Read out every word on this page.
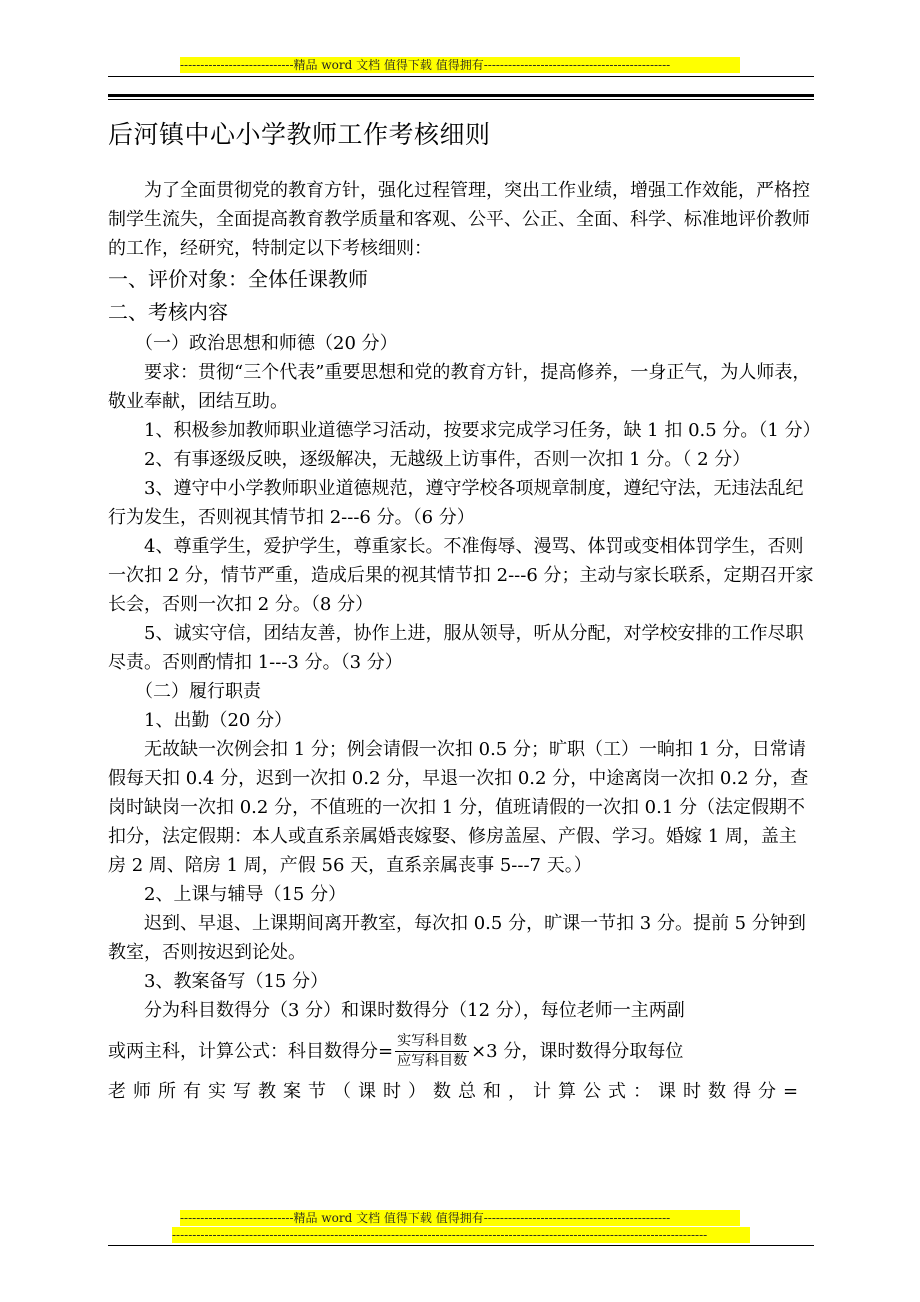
----------------------------精品 word 文档 值得下载 值得拥有----------------------------------------------
后河镇中心小学教师工作考核细则

为了全面贯彻党的教育方针，强化过程管理，突出工作业绩，增强工作效能，严格控制学生流失，全面提高教育教学质量和客观、公平、公正、全面、科学、标准地评价教师的工作，经研究，特制定以下考核细则：

一、评价对象：全体任课教师

二、考核内容

（一）政治思想和师德（20 分）

要求：贯彻“三个代表”重要思想和党的教育方针，提高修养，一身正气，为人师表，敬业奉献，团结互助。

1、积极参加教师职业道德学习活动，按要求完成学习任务，缺 1 扣 0.5 分。（1 分）

2、有事逐级反映，逐级解决，无越级上访事件，否则一次扣 1 分。（ 2 分）

3、遵守中小学教师职业道德规范，遵守学校各项规章制度，遵纪守法，无违法乱纪行为发生，否则视其情节扣 2---6 分。（6 分）

4、尊重学生，爱护学生，尊重家长。不准侮辱、漫骂、体罚或变相体罚学生，否则一次扣 2 分，情节严重，造成后果的视其情节扣 2---6 分；主动与家长联系，定期召开家长会，否则一次扣 2 分。（8 分）

5、诚实守信，团结友善，协作上进，服从领导，听从分配，对学校安排的工作尽职尽责。否则酌情扣 1---3 分。（3 分）

（二）履行职责

1、出勤（20 分）

无故缺一次例会扣 1 分；例会请假一次扣 0.5 分；旷职（工）一晌扣 1 分，日常请假每天扣 0.4 分，迟到一次扣 0.2 分，早退一次扣 0.2 分，中途离岗一次扣 0.2 分，查岗时缺岗一次扣 0.2 分，不值班的一次扣 1 分，值班请假的一次扣 0.1 分（法定假期不扣分，法定假期：本人或直系亲属婚丧嫁娶、修房盖屋、产假、学习。婚嫁 1 周，盖主房 2 周、陪房 1 周，产假 56 天，直系亲属丧事 5---7 天。）

2、上课与辅导（15 分）

迟到、早退、上课期间离开教室，每次扣 0.5 分，旷课一节扣 3 分。提前 5 分钟到教室，否则按迟到论处。

3、教案备写（15 分）

分为科目数得分（3 分）和课时数得分（12 分），每位老师一主两副

或两主科，计算公式：科目数得分= $\frac{\text{实写科目数}}{\text{应写科目数}} \times 3$ 分，课时数得分取每位

老师所有实写教案节（课时）数总和，计算公式：课时数得分=

----------------------------精品 word 文档 值得下载 值得拥有----------------------------------------------
------------------------------------------------------------------------------------------------------------------------------------
